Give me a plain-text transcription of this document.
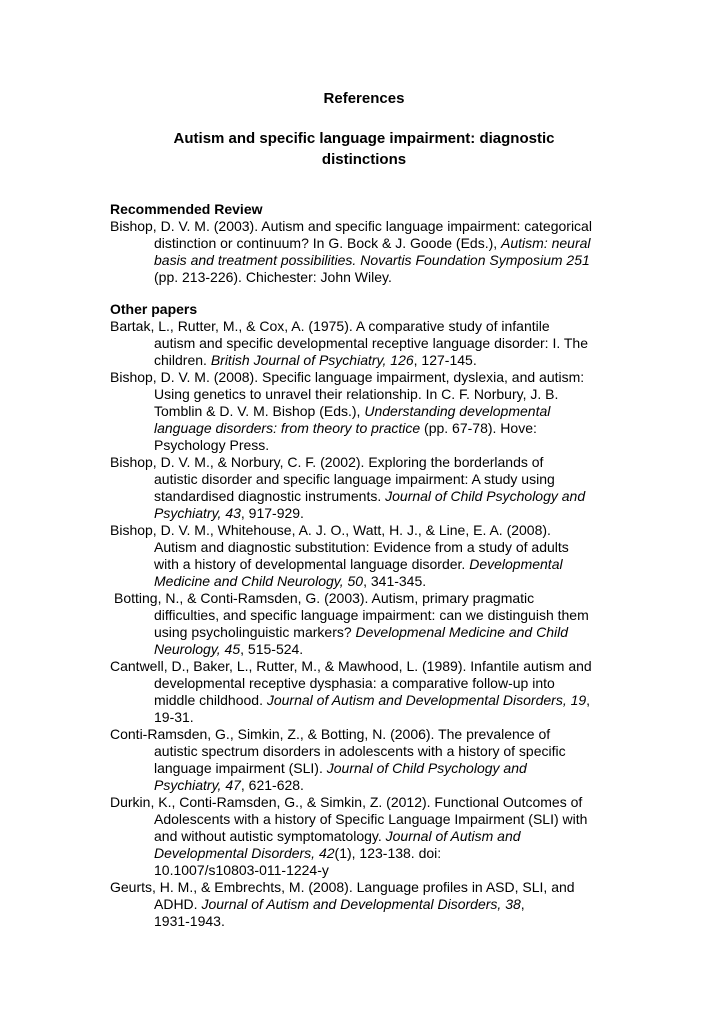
References
Autism and specific language impairment: diagnostic
distinctions
Recommended Review
Bishop, D. V. M. (2003). Autism and specific language impairment: categorical
distinction or continuum? In G. Bock & J. Goode (Eds.), Autism: neural
basis and treatment possibilities. Novartis Foundation Symposium 251
(pp. 213-226). Chichester: John Wiley.
Other papers
Bartak, L., Rutter, M., & Cox, A. (1975). A comparative study of infantile
autism and specific developmental receptive language disorder: I. The
children. British Journal of Psychiatry, 126, 127-145.
Bishop, D. V. M. (2008). Specific language impairment, dyslexia, and autism:
Using genetics to unravel their relationship. In C. F. Norbury, J. B.
Tomblin & D. V. M. Bishop (Eds.), Understanding developmental
language disorders: from theory to practice (pp. 67-78). Hove:
Psychology Press.
Bishop, D. V. M., & Norbury, C. F. (2002). Exploring the borderlands of
autistic disorder and specific language impairment: A study using
standardised diagnostic instruments. Journal of Child Psychology and
Psychiatry, 43, 917-929.
Bishop, D. V. M., Whitehouse, A. J. O., Watt, H. J., & Line, E. A. (2008).
Autism and diagnostic substitution: Evidence from a study of adults
with a history of developmental language disorder. Developmental
Medicine and Child Neurology, 50, 341-345.
Botting, N., & Conti-Ramsden, G. (2003). Autism, primary pragmatic
difficulties, and specific language impairment: can we distinguish them
using psycholinguistic markers? Developmenal Medicine and Child
Neurology, 45, 515-524.
Cantwell, D., Baker, L., Rutter, M., & Mawhood, L. (1989). Infantile autism and
developmental receptive dysphasia: a comparative follow-up into
middle childhood. Journal of Autism and Developmental Disorders, 19,
19-31.
Conti-Ramsden, G., Simkin, Z., & Botting, N. (2006). The prevalence of
autistic spectrum disorders in adolescents with a history of specific
language impairment (SLI). Journal of Child Psychology and
Psychiatry, 47, 621-628.
Durkin, K., Conti-Ramsden, G., & Simkin, Z. (2012). Functional Outcomes of
Adolescents with a history of Specific Language Impairment (SLI) with
and without autistic symptomatology. Journal of Autism and
Developmental Disorders, 42(1), 123-138. doi:
10.1007/s10803-011-1224-y
Geurts, H. M., & Embrechts, M. (2008). Language profiles in ASD, SLI, and
ADHD. Journal of Autism and Developmental Disorders, 38,
1931-1943.
